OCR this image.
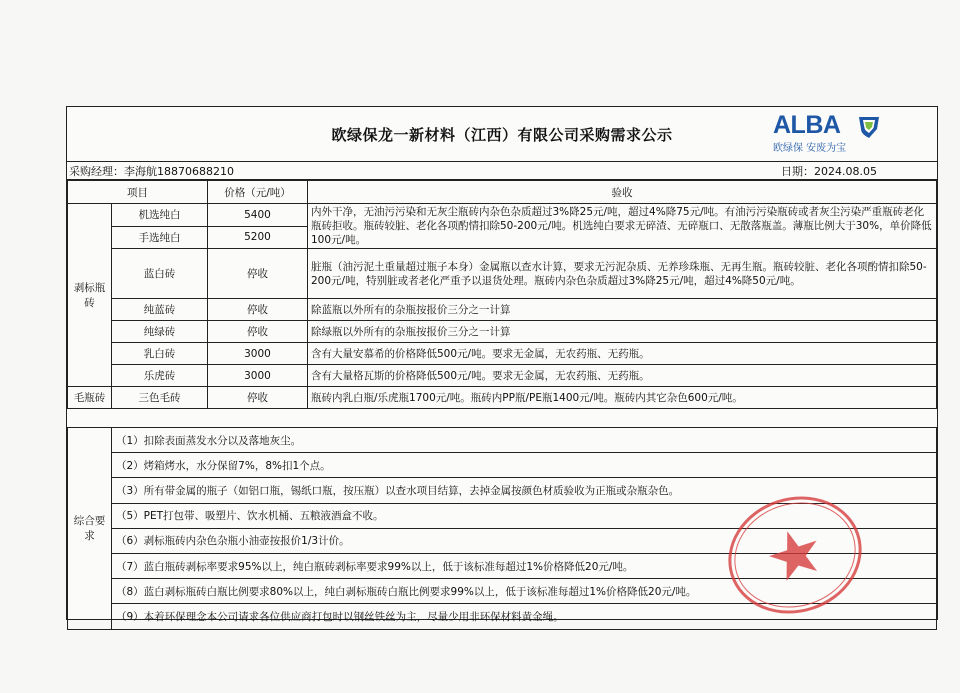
欧绿保龙一新材料（江西）有限公司采购需求公示	ALBA
欧绿保 安废为宝
采购经理：李海航18870688210	日期：2024.08.05
项目		价格（元/吨）	验收
剥标瓶砖	机选纯白	5400	内外干净，无油污污染和无灰尘瓶砖内杂色杂质超过3%降25元/吨，超过4%降75元/吨。有油污污染瓶砖或者灰尘污染严重瓶砖老化瓶砖拒收。瓶砖较脏、老化各项酌情扣除50-200元/吨。机选纯白要求无碎渣、无碎瓶口、无散落瓶盖。薄瓶比例大于30%，单价降低100元/吨。
	手选纯白	5200	
	蓝白砖	停收	脏瓶（油污泥土重量超过瓶子本身）金属瓶以查水计算，要求无污泥杂质、无养珍珠瓶、无再生瓶。瓶砖较脏、老化各项酌情扣除50-200元/吨，特别脏或者老化严重予以退货处理。瓶砖内杂色杂质超过3%降25元/吨，超过4%降50元/吨。
	纯蓝砖	停收	除蓝瓶以外所有的杂瓶按报价三分之一计算
	纯绿砖	停收	除绿瓶以外所有的杂瓶按报价三分之一计算
	乳白砖	3000	含有大量安慕希的价格降低500元/吨。要求无金属，无农药瓶、无药瓶。
	乐虎砖	3000	含有大量格瓦斯的价格降低500元/吨。要求无金属，无农药瓶、无药瓶。
毛瓶砖	三色毛砖	停收	瓶砖内乳白瓶/乐虎瓶1700元/吨。瓶砖内PP瓶/PE瓶1400元/吨。瓶砖内其它杂色600元/吨。
综合要求	（1）扣除表面蒸发水分以及落地灰尘。
（2）烤箱烤水，水分保留7%，8%扣1个点。
（3）所有带金属的瓶子（如铝口瓶，锡纸口瓶，按压瓶）以查水项目结算，去掉金属按颜色材质验收为正瓶或杂瓶杂色。
（5）PET打包带、吸塑片、饮水机桶、五粮液酒盒不收。
（6）剥标瓶砖内杂色杂瓶小油壶按报价1/3计价。
（7）蓝白瓶砖剥标率要求95%以上，纯白瓶砖剥标率要求99%以上，低于该标准每超过1%价格降低20元/吨。
（8）蓝白剥标瓶砖白瓶比例要求80%以上，纯白剥标瓶砖白瓶比例要求99%以上，低于该标准每超过1%价格降低20元/吨。
（9）本着环保理念本公司请求各位供应商打包时以钢丝铁丝为主，尽量少用非环保材料黄金绳。
